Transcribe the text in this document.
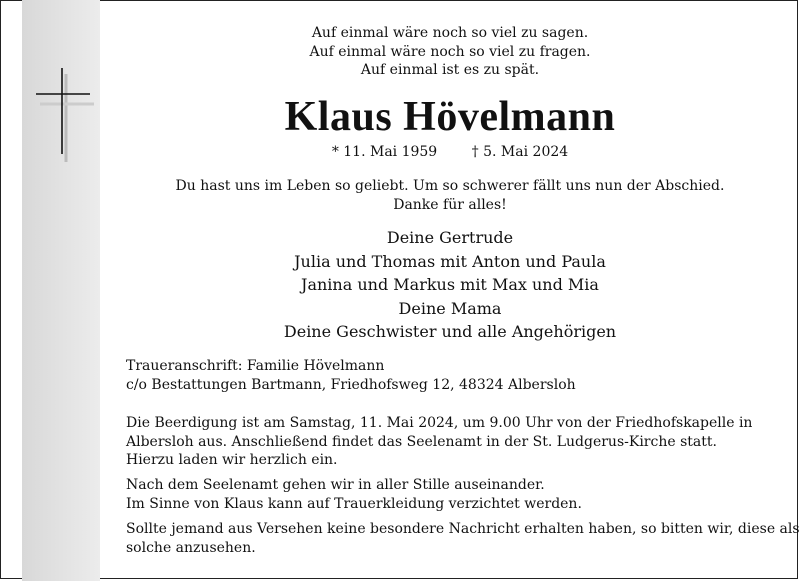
Auf einmal wäre noch so viel zu sagen.
Auf einmal wäre noch so viel zu fragen.
Auf einmal ist es zu spät.
Klaus Hövelmann
* 11. Mai 1959 † 5. Mai 2024
Du hast uns im Leben so geliebt. Um so schwerer fällt uns nun der Abschied.
Danke für alles!
Deine Gertrude
Julia und Thomas mit Anton und Paula
Janina und Markus mit Max und Mia
Deine Mama
Deine Geschwister und alle Angehörigen
Traueranschrift: Familie Hövelmann
c/o Bestattungen Bartmann, Friedhofsweg 12, 48324 Albersloh
Die Beerdigung ist am Samstag, 11. Mai 2024, um 9.00 Uhr von der Friedhofskapelle in
Albersloh aus. Anschließend findet das Seelenamt in der St. Ludgerus-Kirche statt.
Hierzu laden wir herzlich ein.
Nach dem Seelenamt gehen wir in aller Stille auseinander.
Im Sinne von Klaus kann auf Trauerkleidung verzichtet werden.
Sollte jemand aus Versehen keine besondere Nachricht erhalten haben, so bitten wir, diese als
solche anzusehen.
